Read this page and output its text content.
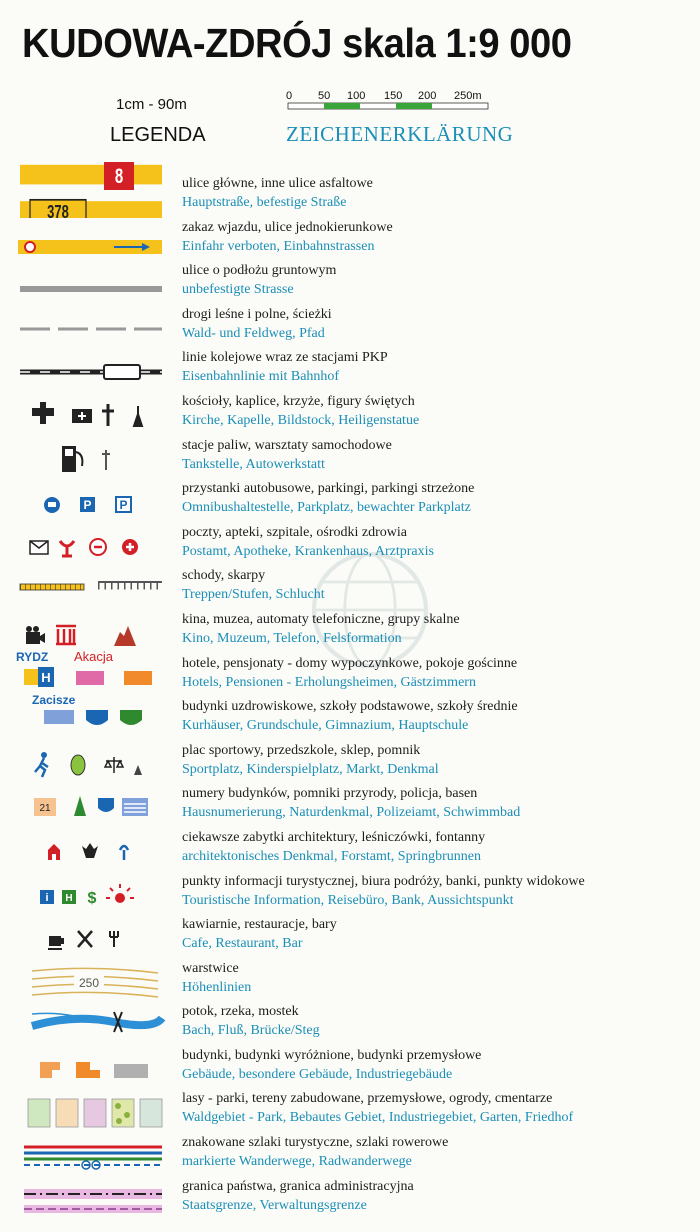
KUDOWA-ZDRÓJ skala 1:9 000
1cm - 90m	0 50 100 150 200 250m
LEGENDA	ZEICHENERKLÄRUNG
8
378
ulice główne, inne ulice asfaltowe
Hauptstraße, befestige Straße
zakaz wjazdu, ulice jednokierunkowe
Einfahr verboten, Einbahnstrassen
ulice o podłożu gruntowym
unbefestigte Strasse
drogi leśne i polne, ścieżki
Wald- und Feldweg, Pfad
linie kolejowe wraz ze stacjami PKP
Eisenbahnlinie mit Bahnhof
kościoły, kaplice, krzyże, figury świętych
Kirche, Kapelle, Bildstock, Heiligenstatue
stacje paliw, warsztaty samochodowe
Tankstelle, Autowerkstatt
P P
przystanki autobusowe, parkingi, parkingi strzeżone
Omnibushaltestelle, Parkplatz, bewachter Parkplatz
poczty, apteki, szpitale, ośrodki zdrowia
Postamt, Apotheke, Krankenhaus, Arztpraxis
schody, skarpy
Treppen/Stufen, Schlucht
kina, muzea, automaty telefoniczne, grupy skalne
Kino, Muzeum, Telefon, Felsformation
RYDZ Akacja
H
hotele, pensjonaty - domy wypoczynkowe, pokoje gościnne
Hotels, Pensionen - Erholungsheimen, Gästzimmern
Zacisze	budynki uzdrowiskowe, szkoły podstawowe, szkoły średnie
Kurhäuser, Grundschule, Gimnazium, Hauptschule
plac sportowy, przedszkole, sklep, pomnik
Sportplatz, Kinderspielplatz, Markt, Denkmal
21
numery budynków, pomniki przyrody, policja, basen
Hausnumerierung, Naturdenkmal, Polizeiamt, Schwimmbad
ciekawsze zabytki architektury, leśniczówki, fontanny
architektonisches Denkmal, Forstamt, Springbrunnen
i H $
punkty informacji turystycznej, biura podróży, banki, punkty widokowe
Touristische Information, Reisebüro, Bank, Aussichtspunkt
kawiarnie, restauracje, bary
Cafe, Restaurant, Bar
250
warstwice
Höhenlinien
potok, rzeka, mostek
Bach, Fluß, Brücke/Steg
budynki, budynki wyróżnione, budynki przemysłowe
Gebäude, besondere Gebäude, Industriegebäude
lasy - parki, tereny zabudowane, przemysłowe, ogrody, cmentarze
Waldgebiet - Park, Bebautes Gebiet, Industriegebiet, Garten, Friedhof
znakowane szlaki turystyczne, szlaki rowerowe
markierte Wanderwege, Radwanderwege
granica państwa, granica administracyjna
Staatsgrenze, Verwaltungsgrenze
